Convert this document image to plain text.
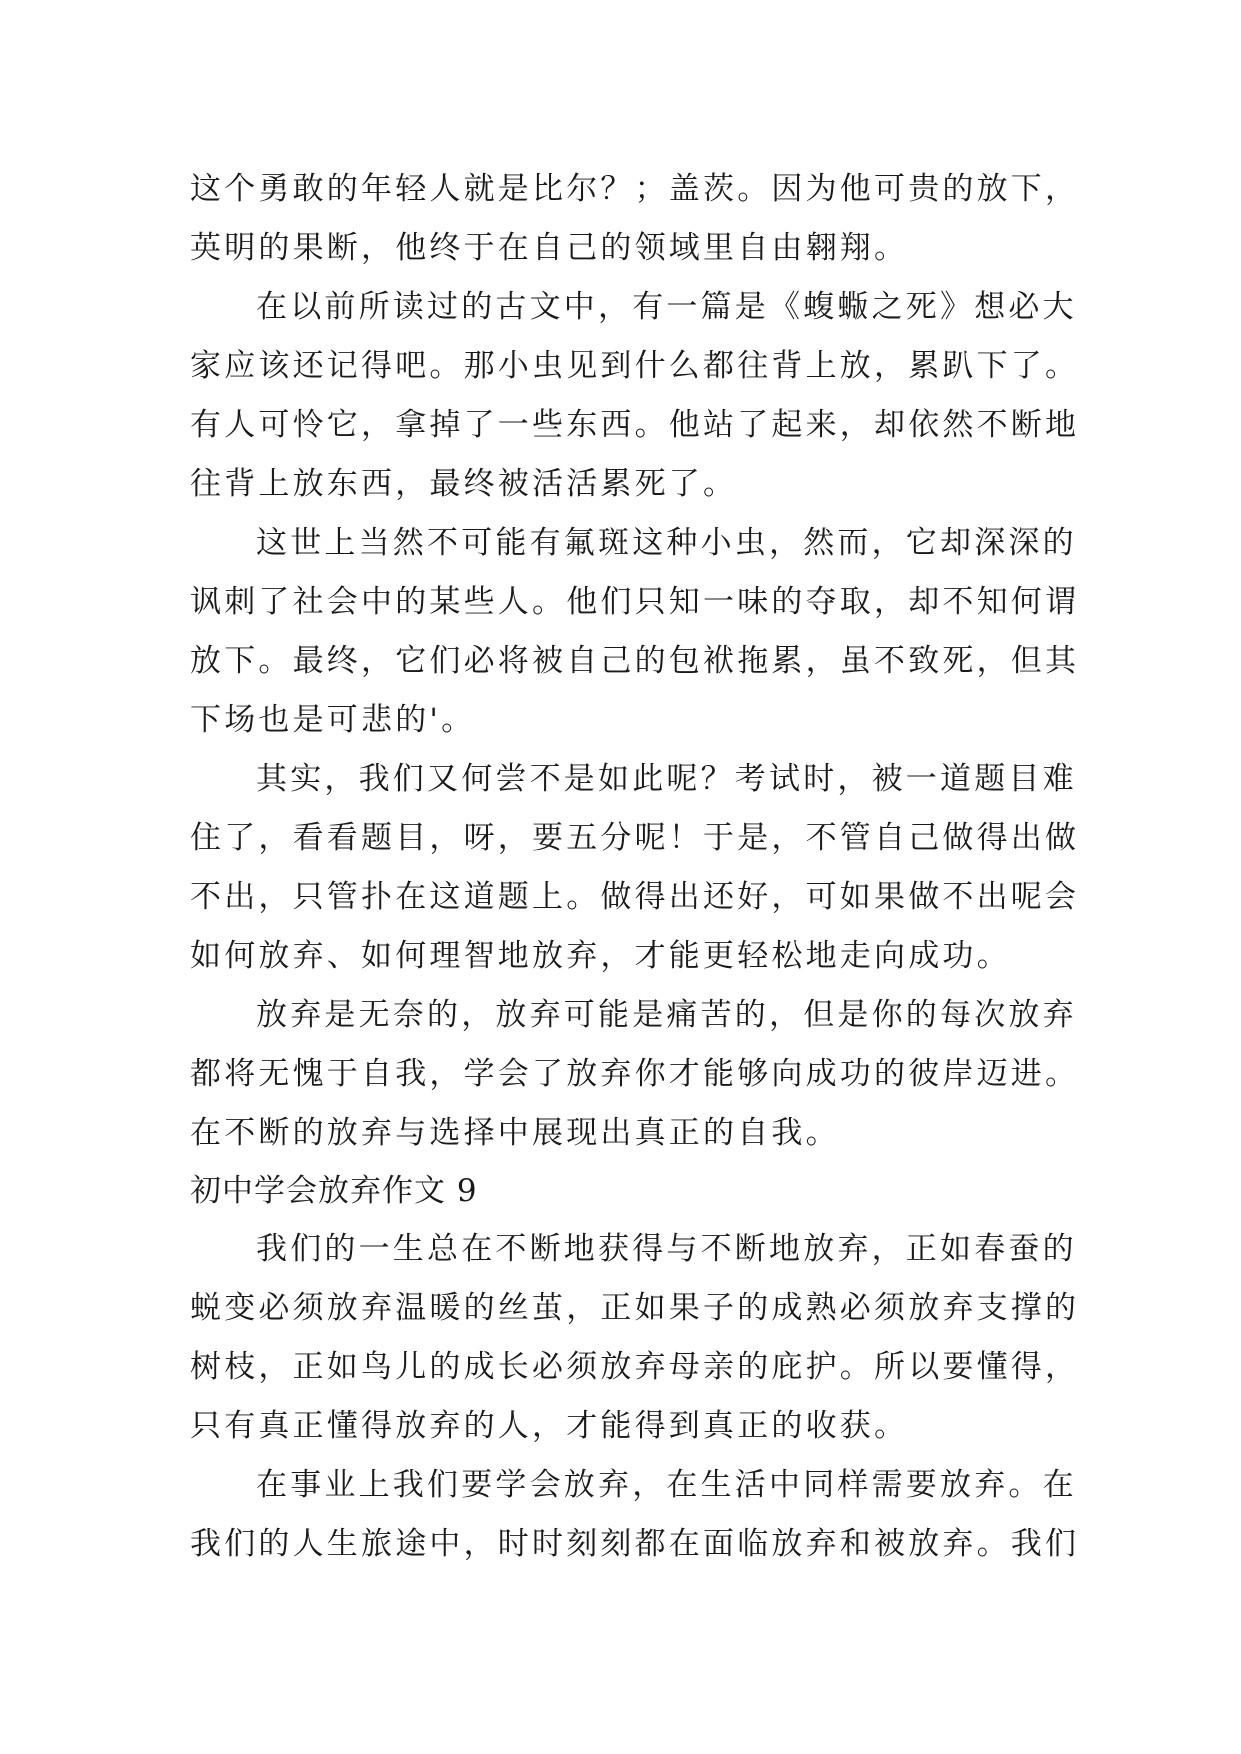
这个勇敢的年轻人就是比尔？；盖茨。因为他可贵的放下，
英明的果断，他终于在自己的领域里自由翱翔。
在以前所读过的古文中，有一篇是《蝮蝂之死》想必大
家应该还记得吧。那小虫见到什么都往背上放，累趴下了。
有人可怜它，拿掉了一些东西。他站了起来，却依然不断地
往背上放东西，最终被活活累死了。
这世上当然不可能有氟斑这种小虫，然而，它却深深的
讽刺了社会中的某些人。他们只知一味的夺取，却不知何谓
放下。最终，它们必将被自己的包袱拖累，虽不致死，但其
下场也是可悲的'。
其实，我们又何尝不是如此呢？考试时，被一道题目难
住了，看看题目，呀，要五分呢！于是，不管自己做得出做
不出，只管扑在这道题上。做得出还好，可如果做不出呢会
如何放弃、如何理智地放弃，才能更轻松地走向成功。
放弃是无奈的，放弃可能是痛苦的，但是你的每次放弃
都将无愧于自我，学会了放弃你才能够向成功的彼岸迈进。
在不断的放弃与选择中展现出真正的自我。
初中学会放弃作文 9
我们的一生总在不断地获得与不断地放弃，正如春蚕的
蜕变必须放弃温暖的丝茧，正如果子的成熟必须放弃支撑的
树枝，正如鸟儿的成长必须放弃母亲的庇护。所以要懂得，
只有真正懂得放弃的人，才能得到真正的收获。
在事业上我们要学会放弃，在生活中同样需要放弃。在
我们的人生旅途中，时时刻刻都在面临放弃和被放弃。我们
